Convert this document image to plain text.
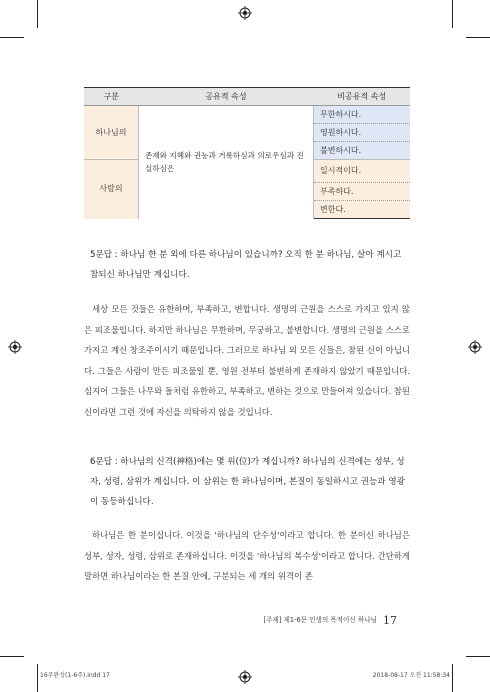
구분	공유적 속성	비공유적 속성
하나님의	존재와 지혜와 권능과 거룩하심과 의로우심과 진실하심은	무한하시다.
		영원하시다.
		불변하시다.
사람의		일시적이다.
		부족하다.
		변한다.
5문답 : 하나님 한 분 외에 다른 하나님이 있습니까? 오직 한 분 하나님, 살아 계시고 참되신 하나님만 계십니다.
세상 모든 것들은 유한하며, 부족하고, 변합니다. 생명의 근원을 스스로 가지고 있지 않은 피조물입니다. 하지만 하나님은 무한하며, 무궁하고, 불변합니다. 생명의 근원을 스스로 가지고 계신 창조주이시기 때문입니다. 그러므로 하나님 외 모든 신들은, 참된 신이 아닙니다. 그들은 사람이 만든 피조물일 뿐, 영원 전부터 불변하게 존재하지 않았기 때문입니다. 심지어 그들은 나무와 돌처럼 유한하고, 부족하고, 변하는 것으로 만들어져 있습니다. 참된 신이라면 그런 것에 자신을 의탁하지 않을 것입니다.
6문답 : 하나님의 신격(神格)에는 몇 위(位)가 계십니까? 하나님의 신격에는 성부, 성자, 성령, 삼위가 계십니다. 이 삼위는 한 하나님이며, 본질이 동일하시고 권능과 영광이 동등하십니다.
하나님은 한 분이십니다. 이것을 '하나님의 단수성'이라고 합니다. 한 분이신 하나님은 성부, 성자, 성령, 삼위로 존재하십니다. 이것을 '하나님의 복수성'이라고 합니다. 간단하게 말하면 하나님이라는 한 본질 안에, 구분되는 세 개의 위격이 존
[주제] 제1-6문 인생의 목적이신 하나님 17
16주완성(1-6주).indd 17	2018-08-17 오전 11:58:34
